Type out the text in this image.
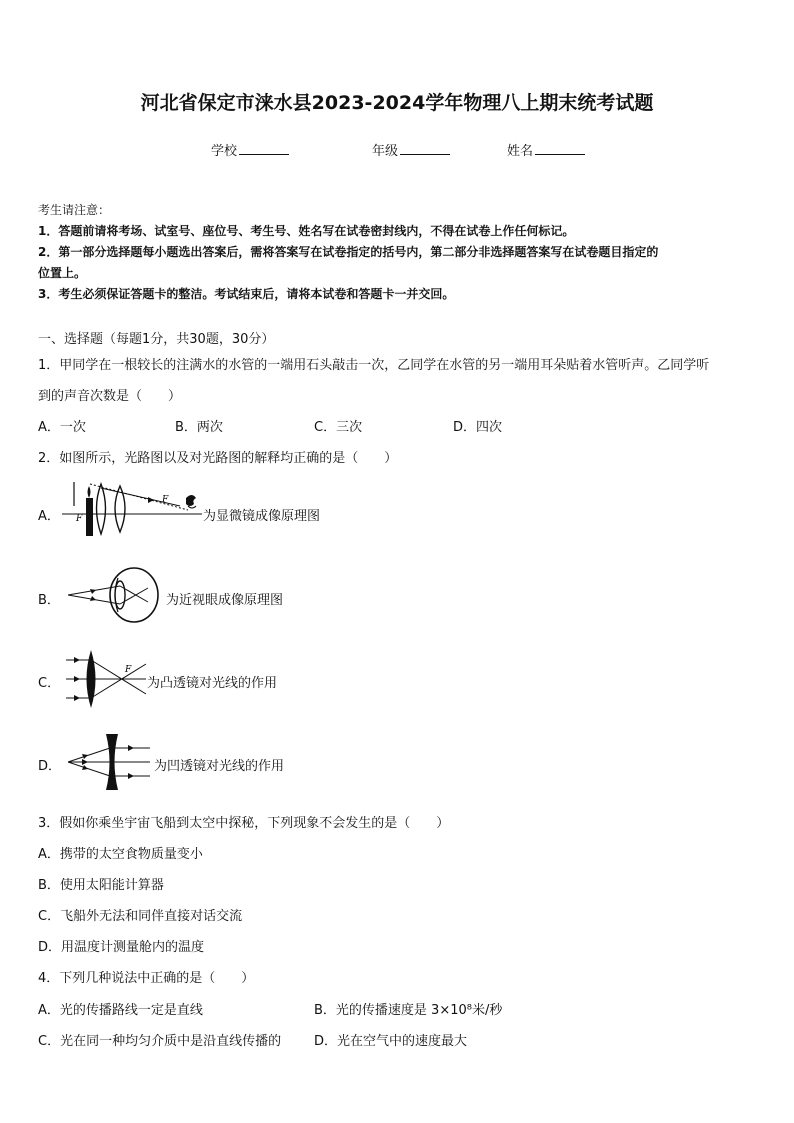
河北省保定市涞水县2023-2024学年物理八上期末统考试题
学校	年级	姓名
考生请注意：
1．答题前请将考场、试室号、座位号、考生号、姓名写在试卷密封线内，不得在试卷上作任何标记。
2．第一部分选择题每小题选出答案后，需将答案写在试卷指定的括号内，第二部分非选择题答案写在试卷题目指定的
位置上。
3．考生必须保证答题卡的整洁。考试结束后，请将本试卷和答题卡一并交回。
一、选择题（每题1分，共30题，30分）
1．甲同学在一根较长的注满水的水管的一端用石头敲击一次，乙同学在水管的另一端用耳朵贴着水管听声。乙同学听
到的声音次数是（　　）
A．一次	B．两次	C．三次	D．四次
2．如图所示，光路图以及对光路图的解释均正确的是（　　）
A． F
F
为显微镜成像原理图
B．	为近视眼成像原理图
C．
F
为凸透镜对光线的作用
D．	为凹透镜对光线的作用
3．假如你乘坐宇宙飞船到太空中探秘，下列现象不会发生的是（　　）
A．携带的太空食物质量变小
B．使用太阳能计算器
C．飞船外无法和同伴直接对话交流
D．用温度计测量舱内的温度
4．下列几种说法中正确的是（　　）
A．光的传播路线一定是直线	B．光的传播速度是 3×10⁸米/秒
C．光在同一种均匀介质中是沿直线传播的	D．光在空气中的速度最大
